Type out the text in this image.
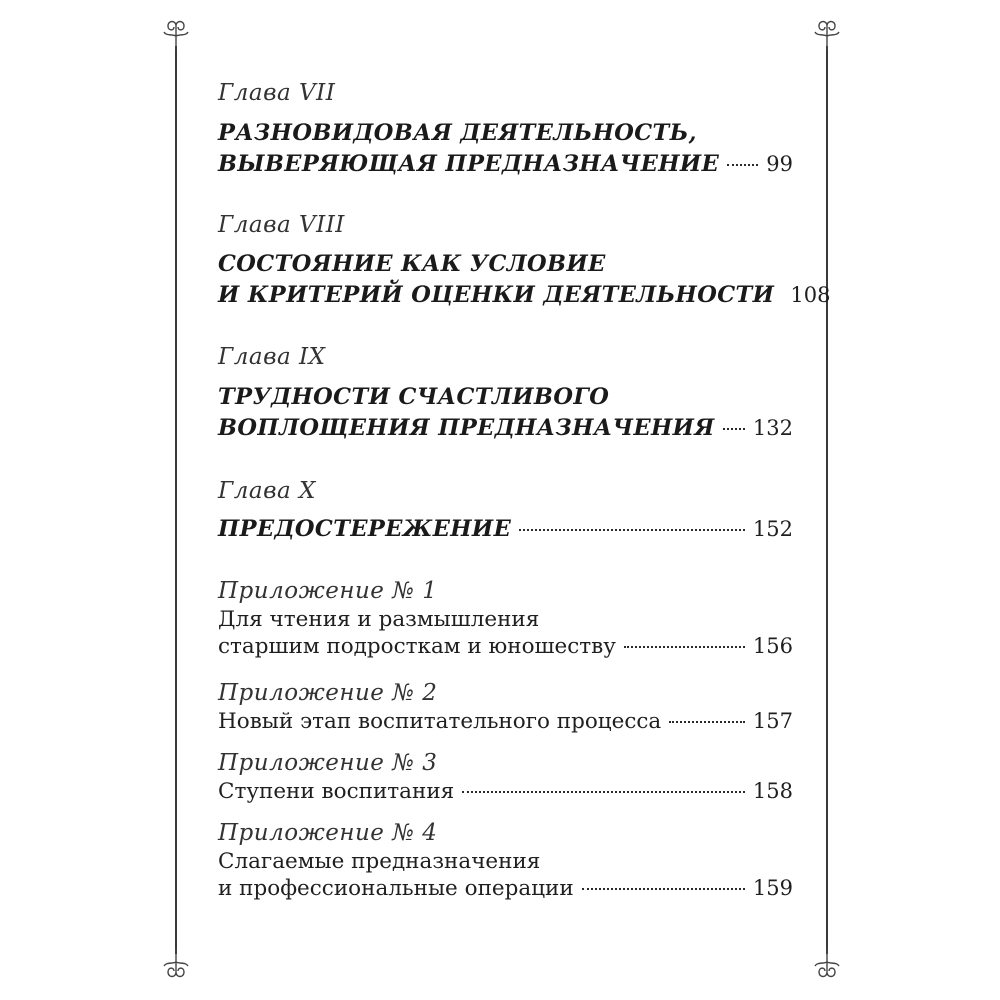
Глава VII
РАЗНОВИДОВАЯ ДЕЯТЕЛЬНОСТЬ,
ВЫВЕРЯЮЩАЯ ПРЕДНАЗНАЧЕНИЕ 99
Глава VIII
СОСТОЯНИЕ КАК УСЛОВИЕ
И КРИТЕРИЙ ОЦЕНКИ ДЕЯТЕЛЬНОСТИ 108
Глава IX
ТРУДНОСТИ СЧАСТЛИВОГО
ВОПЛОЩЕНИЯ ПРЕДНАЗНАЧЕНИЯ 132
Глава X
ПРЕДОСТЕРЕЖЕНИЕ	152
Приложение № 1
Для чтения и размышления
старшим подросткам и юношеству	156
Приложение № 2
Новый этап воспитательного процесса	157
Приложение № 3
Ступени воспитания	158
Приложение № 4
Слагаемые предназначения
и профессиональные операции	159
